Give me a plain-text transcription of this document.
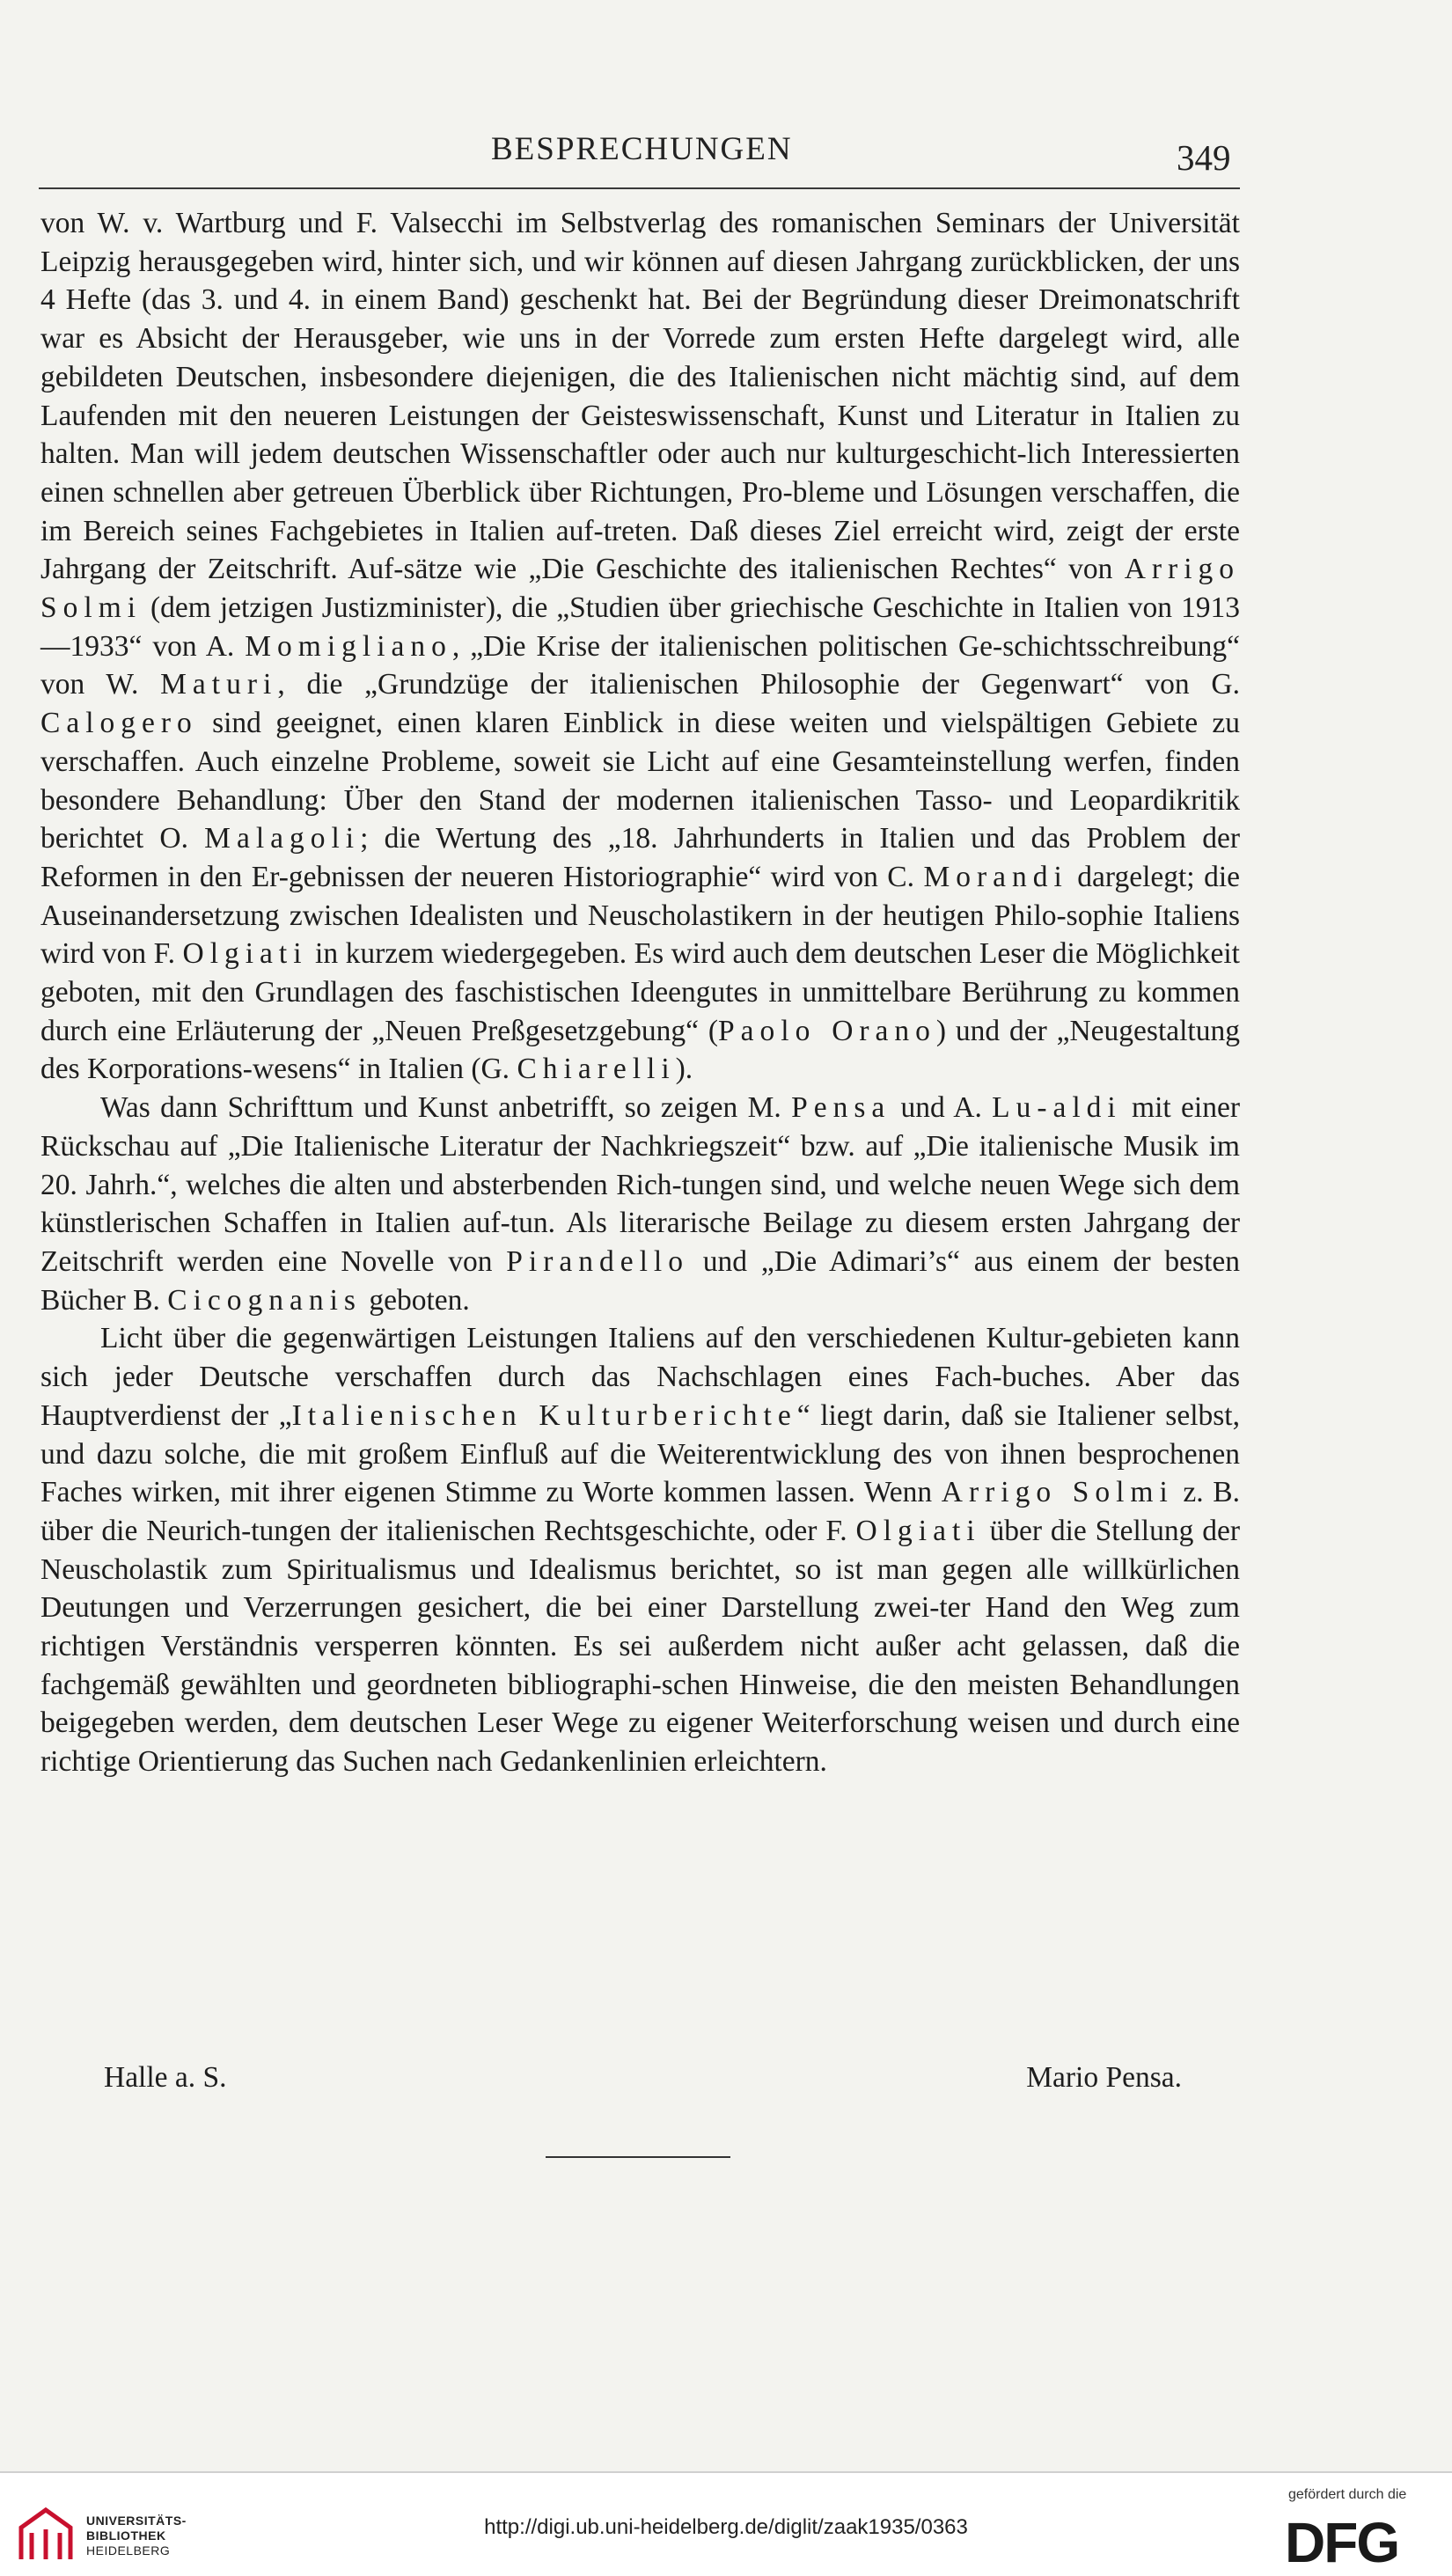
BESPRECHUNGEN	349

von W. v. Wartburg und F. Valsecchi im Selbstverlag des romanischen Seminars der Universität Leipzig herausgegeben wird, hinter sich, und wir können auf diesen Jahrgang zurückblicken, der uns 4 Hefte (das 3. und 4. in einem Band) geschenkt hat. Bei der Begründung dieser Dreimonatschrift war es Absicht der Herausgeber, wie uns in der Vorrede zum ersten Hefte dargelegt wird, alle gebildeten Deutschen, insbesondere diejenigen, die des Italienischen nicht mächtig sind, auf dem Laufenden mit den neueren Leistungen der Geisteswissenschaft, Kunst und Literatur in Italien zu halten. Man will jedem deutschen Wissenschaftler oder auch nur kulturgeschicht-lich Interessierten einen schnellen aber getreuen Überblick über Richtungen, Pro-bleme und Lösungen verschaffen, die im Bereich seines Fachgebietes in Italien auf-treten. Daß dieses Ziel erreicht wird, zeigt der erste Jahrgang der Zeitschrift. Auf-sätze wie „Die Geschichte des italienischen Rechtes“ von Arrigo Solmi (dem jetzigen Justizminister), die „Studien über griechische Geschichte in Italien von 1913—1933“ von A. Momigliano, „Die Krise der italienischen politischen Ge-schichtsschreibung“ von W. Maturi, die „Grundzüge der italienischen Philosophie der Gegenwart“ von G. Calogero sind geeignet, einen klaren Einblick in diese weiten und vielspältigen Gebiete zu verschaffen. Auch einzelne Probleme, soweit sie Licht auf eine Gesamteinstellung werfen, finden besondere Behandlung: Über den Stand der modernen italienischen Tasso- und Leopardikritik berichtet O. Malagoli; die Wertung des „18. Jahrhunderts in Italien und das Problem der Reformen in den Er-gebnissen der neueren Historiographie“ wird von C. Morandi dargelegt; die Auseinandersetzung zwischen Idealisten und Neuscholastikern in der heutigen Philo-sophie Italiens wird von F. Olgiati in kurzem wiedergegeben. Es wird auch dem deutschen Leser die Möglichkeit geboten, mit den Grundlagen des faschistischen Ideengutes in unmittelbare Berührung zu kommen durch eine Erläuterung der „Neuen Preßgesetzgebung“ (Paolo Orano) und der „Neugestaltung des Korporations-wesens“ in Italien (G. Chiarelli).

Was dann Schrifttum und Kunst anbetrifft, so zeigen M. Pensa und A. Lu-aldi mit einer Rückschau auf „Die Italienische Literatur der Nachkriegszeit“ bzw. auf „Die italienische Musik im 20. Jahrh.“, welches die alten und absterbenden Rich-tungen sind, und welche neuen Wege sich dem künstlerischen Schaffen in Italien auf-tun. Als literarische Beilage zu diesem ersten Jahrgang der Zeitschrift werden eine Novelle von Pirandello und „Die Adimari’s“ aus einem der besten Bücher B. Cicognanis geboten.

Licht über die gegenwärtigen Leistungen Italiens auf den verschiedenen Kultur-gebieten kann sich jeder Deutsche verschaffen durch das Nachschlagen eines Fach-buches. Aber das Hauptverdienst der „Italienischen Kulturberichte“ liegt darin, daß sie Italiener selbst, und dazu solche, die mit großem Einfluß auf die Weiterentwicklung des von ihnen besprochenen Faches wirken, mit ihrer eigenen Stimme zu Worte kommen lassen. Wenn Arrigo Solmi z. B. über die Neurich-tungen der italienischen Rechtsgeschichte, oder F. Olgiati über die Stellung der Neuscholastik zum Spiritualismus und Idealismus berichtet, so ist man gegen alle willkürlichen Deutungen und Verzerrungen gesichert, die bei einer Darstellung zwei-ter Hand den Weg zum richtigen Verständnis versperren könnten. Es sei außerdem nicht außer acht gelassen, daß die fachgemäß gewählten und geordneten bibliographi-schen Hinweise, die den meisten Behandlungen beigegeben werden, dem deutschen Leser Wege zu eigener Weiterforschung weisen und durch eine richtige Orientierung das Suchen nach Gedankenlinien erleichtern.

Halle a. S.	Mario Pensa.
UNIVERSITÄTS-
BIBLIOTHEK
HEIDELBERG
http://digi.ub.uni-heidelberg.de/diglit/zaak1935/0363
gefördert durch die
DFG
